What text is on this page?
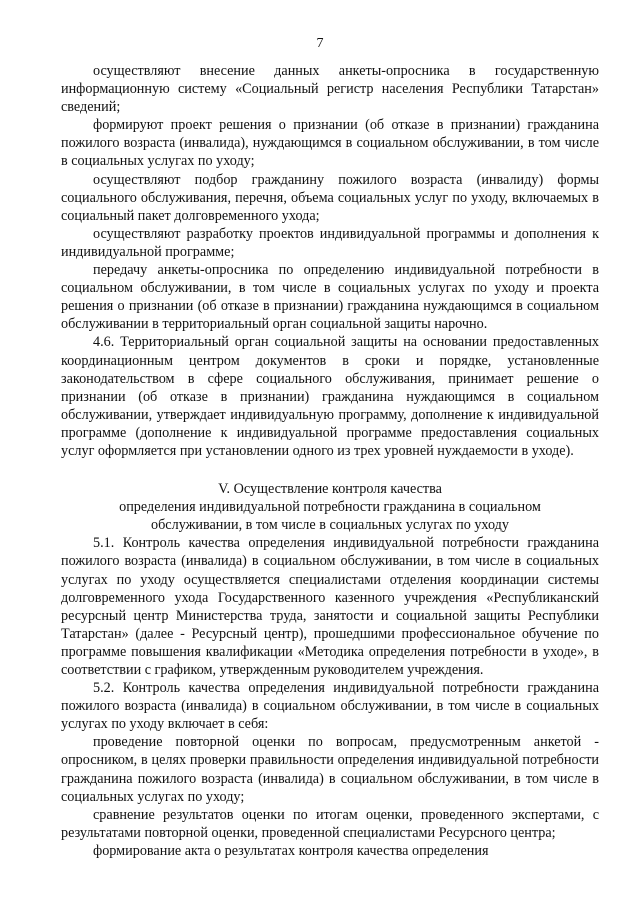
7

осуществляют внесение данных анкеты-опросника в государственную информационную систему «Социальный регистр населения Республики Татарстан» сведений;

формируют проект решения о признании (об отказе в признании) гражданина пожилого возраста (инвалида), нуждающимся в социальном обслуживании, в том числе в социальных услугах по уходу;

осуществляют подбор гражданину пожилого возраста (инвалиду) формы социального обслуживания, перечня, объема социальных услуг по уходу, включаемых в социальный пакет долговременного ухода;

осуществляют разработку проектов индивидуальной программы и дополнения к индивидуальной программе;

передачу анкеты-опросника по определению индивидуальной потребности в социальном обслуживании, в том числе в социальных услугах по уходу и проекта решения о признании (об отказе в признании) гражданина нуждающимся в социальном обслуживании в территориальный орган социальной защиты нарочно.

4.6. Территориальный орган социальной защиты на основании предоставленных координационным центром документов в сроки и порядке, установленные законодательством в сфере социального обслуживания, принимает решение о признании (об отказе в признании) гражданина нуждающимся в социальном обслуживании, утверждает индивидуальную программу, дополнение к индивидуальной программе (дополнение к индивидуальной программе предоставления социальных услуг оформляется при установлении одного из трех уровней нуждаемости в уходе).

V. Осуществление контроля качества
определения индивидуальной потребности гражданина в социальном
обслуживании, в том числе в социальных услугах по уходу

5.1. Контроль качества определения индивидуальной потребности гражданина пожилого возраста (инвалида) в социальном обслуживании, в том числе в социальных услугах по уходу осуществляется специалистами отделения координации системы долговременного ухода Государственного казенного учреждения «Республиканский ресурсный центр Министерства труда, занятости и социальной защиты Республики Татарстан» (далее - Ресурсный центр), прошедшими профессиональное обучение по программе повышения квалификации «Методика определения потребности в уходе», в соответствии с графиком, утвержденным руководителем учреждения.

5.2. Контроль качества определения индивидуальной потребности гражданина пожилого возраста (инвалида) в социальном обслуживании, в том числе в социальных услугах по уходу включает в себя:

проведение повторной оценки по вопросам, предусмотренным анкетой - опросником, в целях проверки правильности определения индивидуальной потребности гражданина пожилого возраста (инвалида) в социальном обслуживании, в том числе в социальных услугах по уходу;

сравнение результатов оценки по итогам оценки, проведенного экспертами, с результатами повторной оценки, проведенной специалистами Ресурсного центра;

формирование акта о результатах контроля качества определения
